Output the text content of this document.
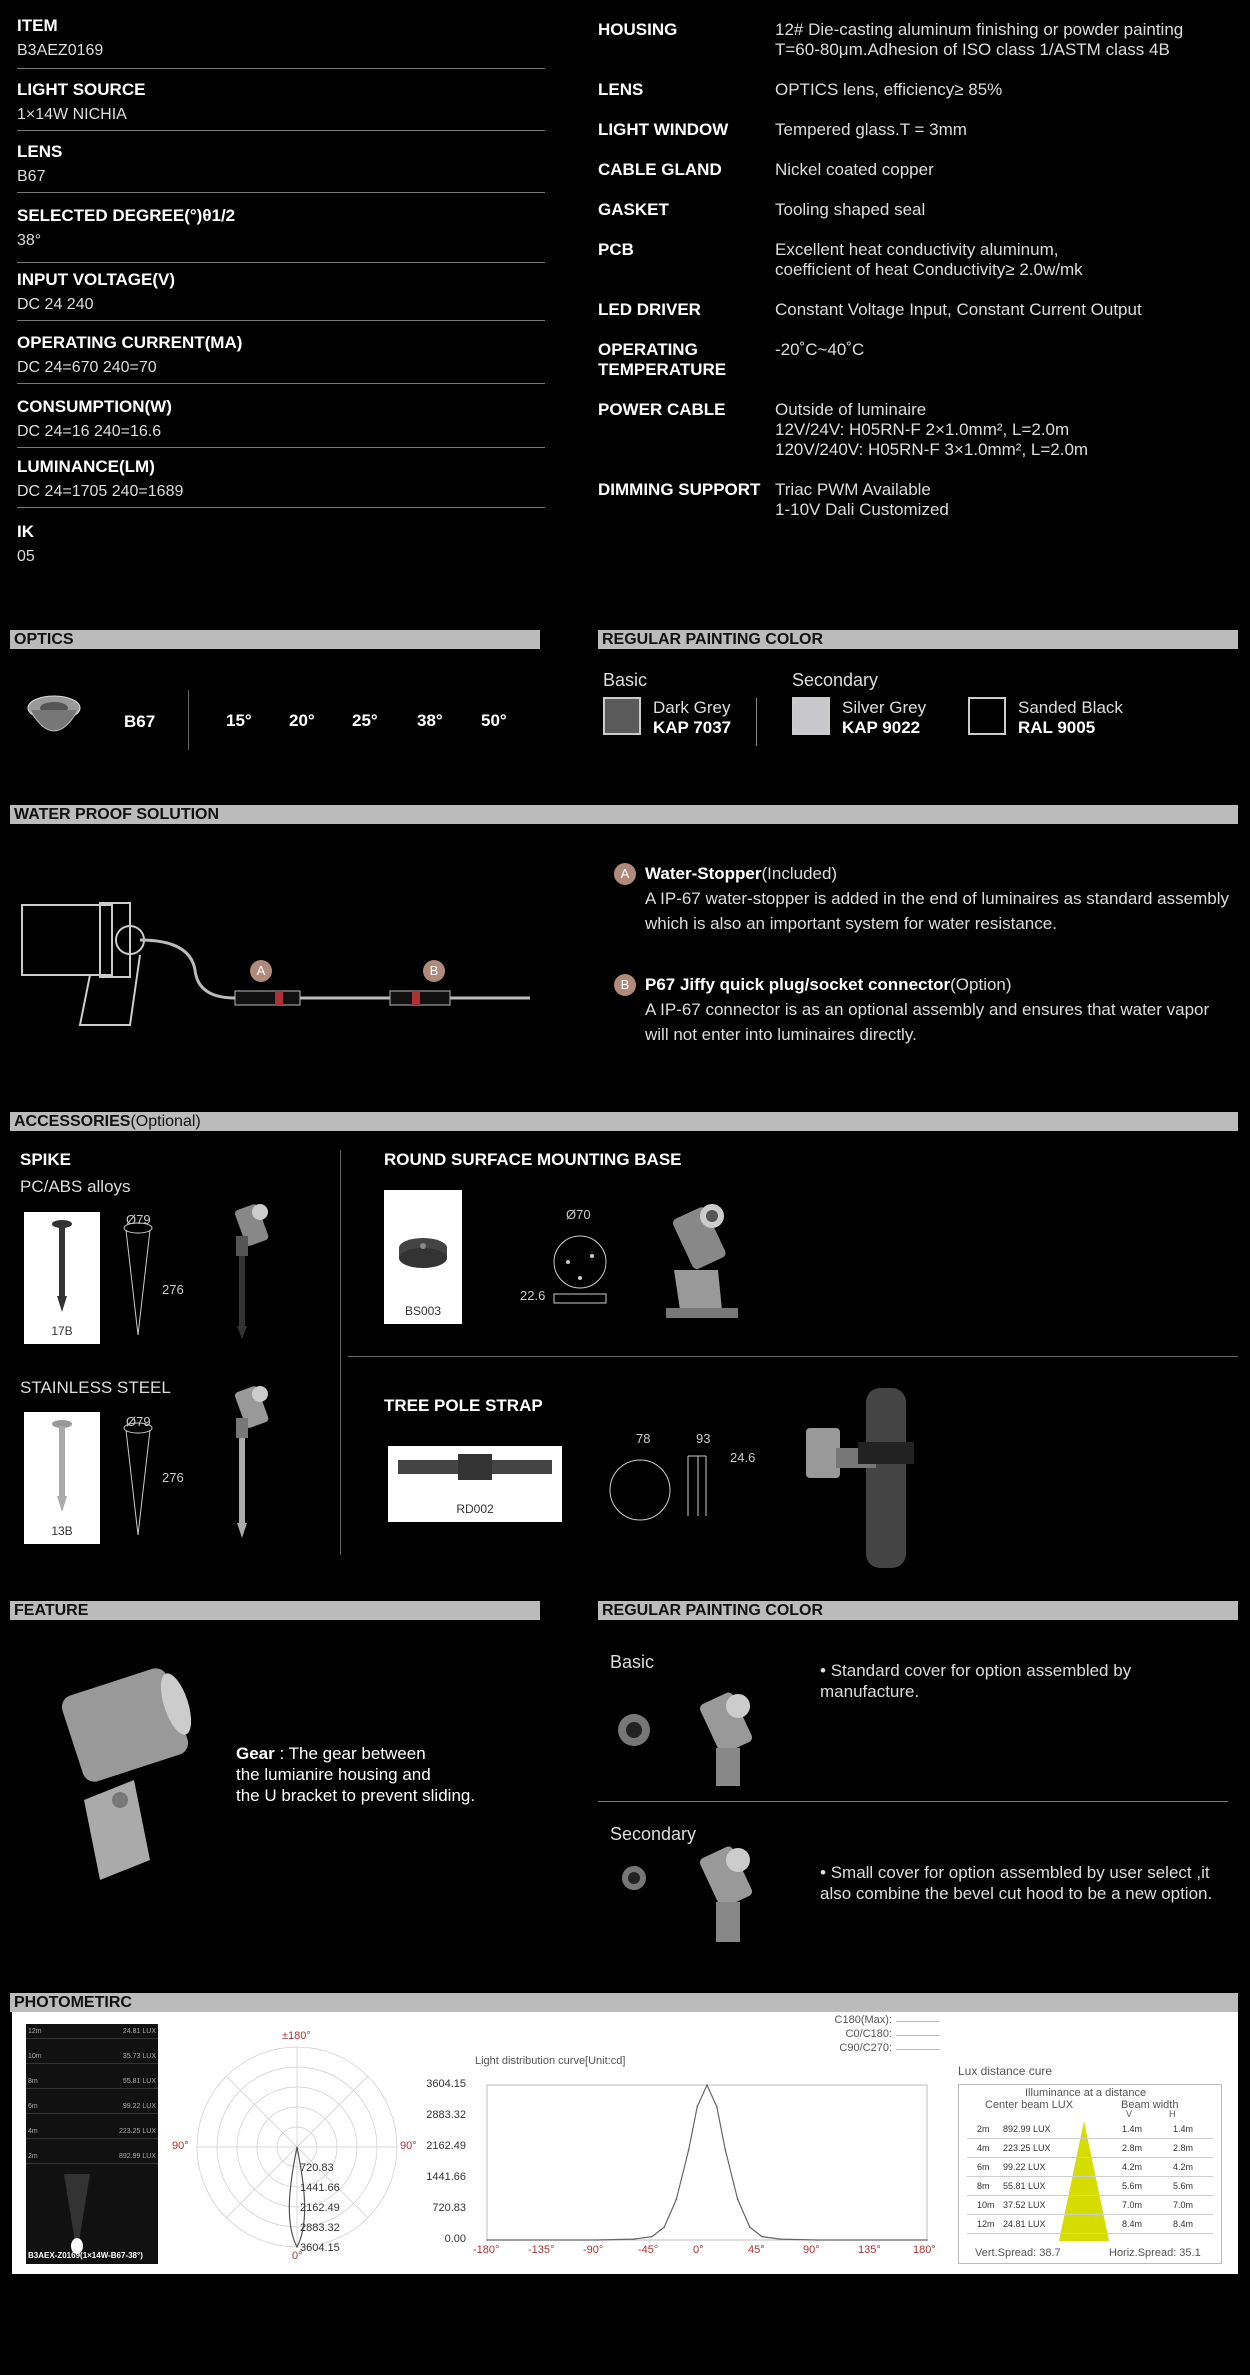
ITEM
B3AEZ0169
LIGHT SOURCE
1×14W NICHIA
LENS
B67
SELECTED DEGREE(°)θ1/2
38°
INPUT VOLTAGE(V)
DC 24 240
OPERATING CURRENT(MA)
DC 24=670 240=70
CONSUMPTION(W)
DC 24=16 240=16.6
LUMINANCE(LM)
DC 24=1705 240=1689
IK
05
HOUSING	12# Die-casting aluminum finishing or powder painting
T=60-80μm.Adhesion of ISO class 1/ASTM class 4B
LENS	OPTICS lens, efficiency≥ 85%
LIGHT WINDOW	Tempered glass.T = 3mm
CABLE GLAND	Nickel coated copper
GASKET	Tooling shaped seal
PCB	Excellent heat conductivity aluminum,
coefficient of heat Conductivity≥ 2.0w/mk
LED DRIVER	Constant Voltage Input, Constant Current Output
OPERATING
TEMPERATURE
-20˚C~40˚C
POWER CABLE	Outside of luminaire
12V/24V: H05RN-F 2×1.0mm², L=2.0m
120V/240V: H05RN-F 3×1.0mm², L=2.0m
DIMMING SUPPORT Triac PWM Available
1-10V Dali Customized
OPTICS
B67	15° 20° 25° 38° 50°
REGULAR PAINTING COLOR
Basic	Secondary
Dark Grey
KAP 7037
Silver Grey
KAP 9022
Sanded Black
RAL 9005
WATER PROOF SOLUTION
A	B
A Water-Stopper(Included)
A IP-67 water-stopper is added in the end of luminaires as standard assembly which is also an important system for water resistance.
B P67 Jiffy quick plug/socket connector(Option)
A IP-67 connector is as an optional assembly and ensures that water vapor will not enter into luminaires directly.
ACCESSORIES(Optional)
SPIKE
PC/ABS alloys
17B
Ø79
276
STAINLESS STEEL
13B
Ø79
276
ROUND SURFACE MOUNTING BASE
BS003
Ø70
22.6
TREE POLE STRAP
RD002
78	93
24.6
FEATURE
Gear : The gear between
the lumianire housing and
the U bracket to prevent sliding.
REGULAR PAINTING COLOR
Basic	• Standard cover for option assembled by manufacture.
Secondary
• Small cover for option assembled by user select ,it also combine the bevel cut hood to be a new option.
PHOTOMETIRC
12m	24.81 LUX
10m	35.73 LUX
8m	55.81 LUX
6m	99.22 LUX
4m	223.25 LUX
2m	892.99 LUX
B3AEX-Z0169(1×14W-B67-38°)
±180°
90°	90°
0°
720.83
1441.66
2162.49
2883.32
3604.15
C180(Max):
C0/C180:
C90/C270:
Light distribution curve[Unit:cd]
3604.15
2883.32
2162.49
1441.66
720.83
0.00
-180°	-135°	-90°	-45°	0°	45°	90°	135°	180°
Lux distance cure
Illuminance at a distance
Center beam LUX	Beam width
V	H
2m 892.99 LUX	1.4m	1.4m
4m 223.25 LUX	2.8m	2.8m
6m 99.22 LUX	4.2m	4.2m
8m 55.81 LUX	5.6m	5.6m
10m 37.52 LUX	7.0m	7.0m
12m 24.81 LUX	8.4m	8.4m
Vert.Spread: 38.7	Horiz.Spread: 35.1
